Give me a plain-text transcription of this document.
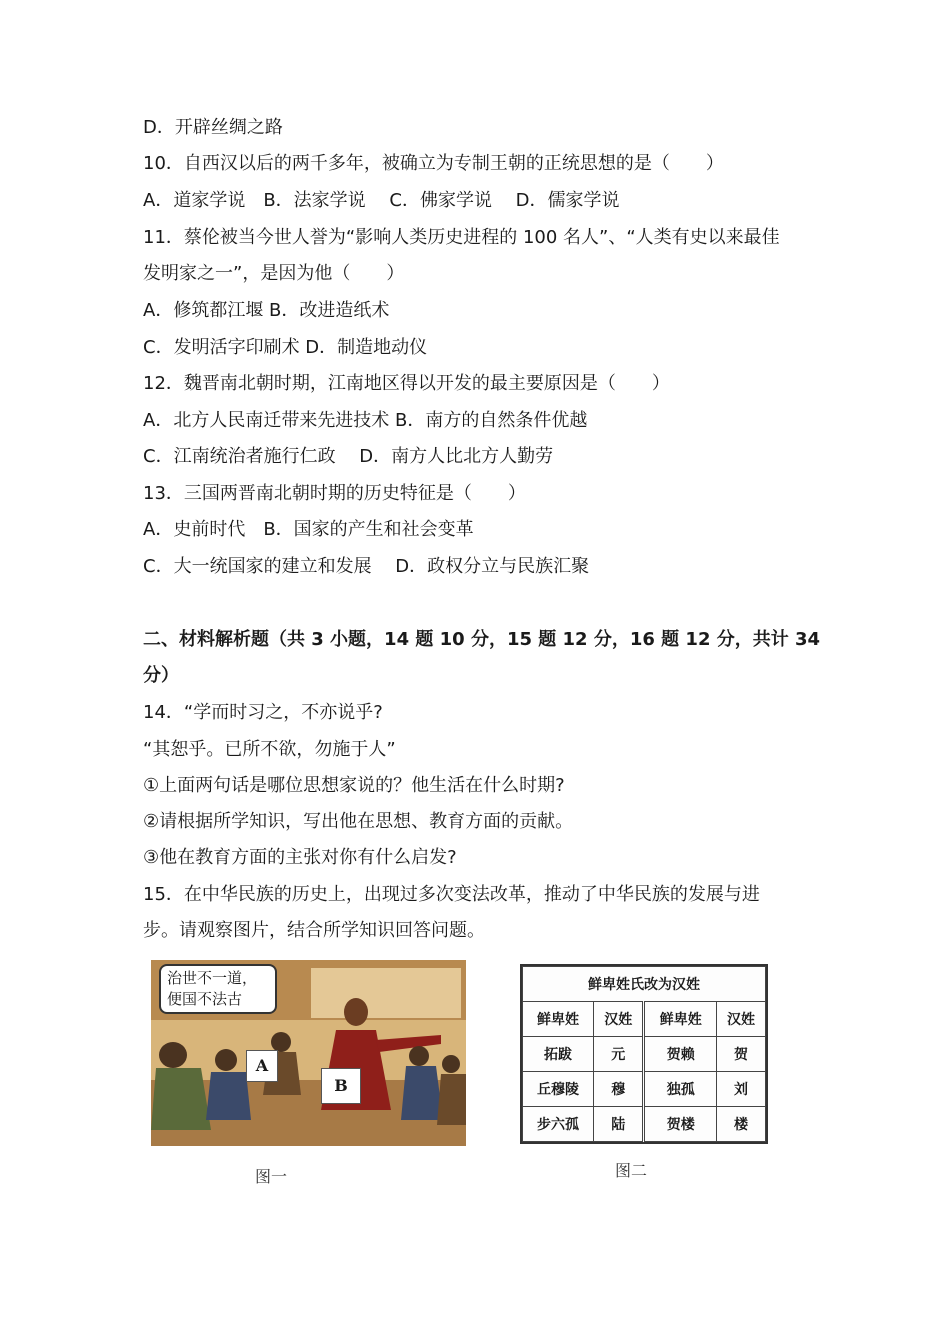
D．开辟丝绸之路
10．自西汉以后的两千多年，被确立为专制王朝的正统思想的是（　　）
A．道家学说　B．法家学说　 C．佛家学说　 D．儒家学说
11．蔡伦被当今世人誉为“影响人类历史进程的 100 名人”、“人类有史以来最佳
发明家之一”，是因为他（　　）
A．修筑都江堰 B．改进造纸术
C．发明活字印刷术 D．制造地动仪
12．魏晋南北朝时期，江南地区得以开发的最主要原因是（　　）
A．北方人民南迁带来先进技术 B．南方的自然条件优越
C．江南统治者施行仁政　 D．南方人比北方人勤劳
13．三国两晋南北朝时期的历史特征是（　　）
A．史前时代　B．国家的产生和社会变革
C．大一统国家的建立和发展　 D．政权分立与民族汇聚
二、材料解析题（共 3 小题，14 题 10 分，15 题 12 分，16 题 12 分，共计 34
分）
14．“学而时习之，不亦说乎?
“其恕乎。已所不欲，勿施于人”
①上面两句话是哪位思想家说的？他生活在什么时期?
②请根据所学知识，写出他在思想、教育方面的贡献。
③他在教育方面的主张对你有什么启发?
15．在中华民族的历史上，出现过多次变法改革，推动了中华民族的发展与进
步。请观察图片，结合所学知识回答问题。
治世不一道，
便国不法古
A
B
图一
鲜卑姓氏改为汉姓			
鲜卑姓	汉姓	鲜卑姓	汉姓
拓跋	元	贺赖	贺
丘穆陵	穆	独孤	刘
步六孤	陆	贺楼	楼
图二
